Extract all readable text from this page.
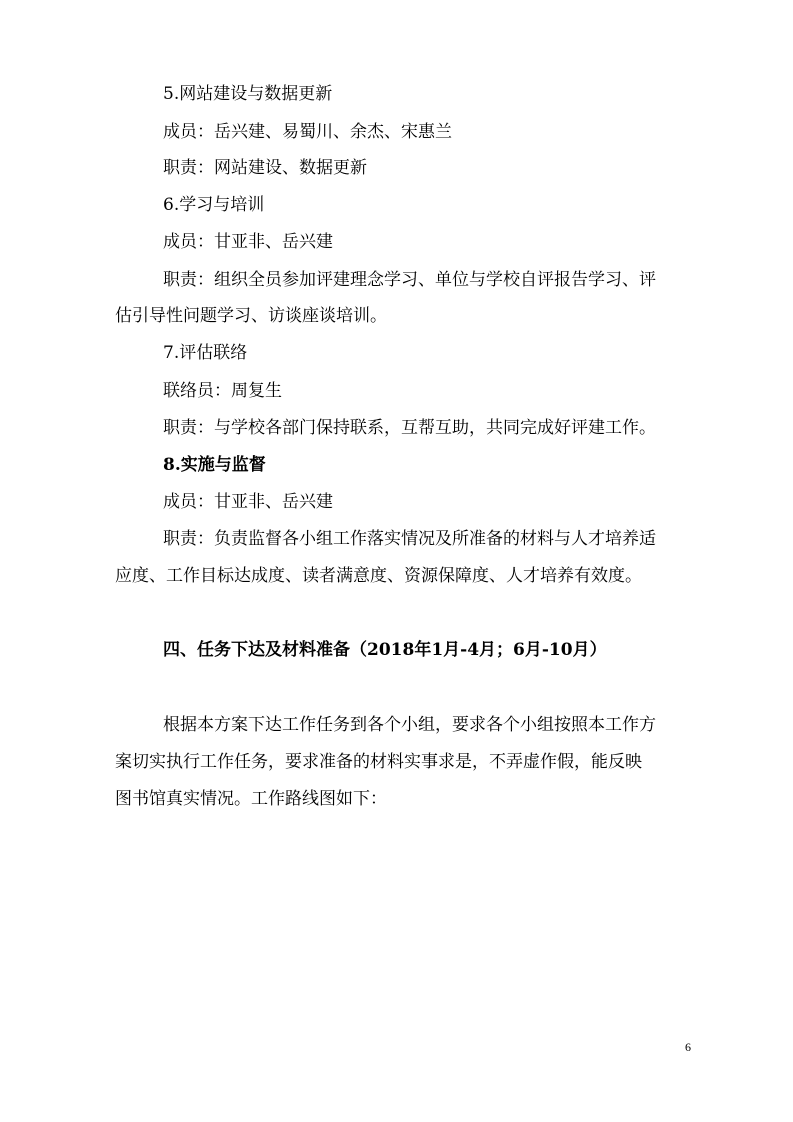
5.网站建设与数据更新
成员：岳兴建、易蜀川、余杰、宋惠兰
职责：网站建设、数据更新
6.学习与培训
成员：甘亚非、岳兴建
职责：组织全员参加评建理念学习、单位与学校自评报告学习、评
估引导性问题学习、访谈座谈培训。
7.评估联络
联络员：周复生
职责：与学校各部门保持联系，互帮互助，共同完成好评建工作。
8.实施与监督
成员：甘亚非、岳兴建
职责：负责监督各小组工作落实情况及所准备的材料与人才培养适
应度、工作目标达成度、读者满意度、资源保障度、人才培养有效度。
四、任务下达及材料准备（2018年1月-4月；6月-10月）
根据本方案下达工作任务到各个小组，要求各个小组按照本工作方
案切实执行工作任务，要求准备的材料实事求是，不弄虚作假，能反映
图书馆真实情况。工作路线图如下：
6
